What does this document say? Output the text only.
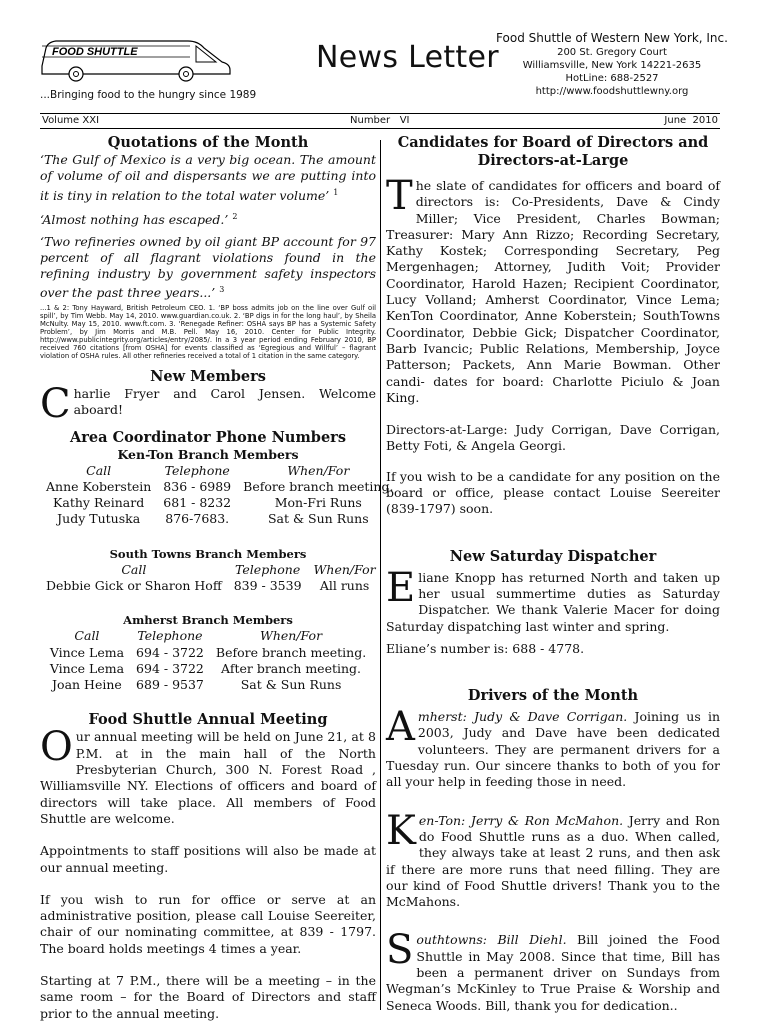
FOOD SHUTTLE
...Bringing food to the hungry since 1989
News Letter
Food Shuttle of Western New York, Inc.
200 St. Gregory Court
Williamsville, New York 14221-2635
HotLine: 688-2527
http://www.foodshuttlewny.org
Volume XXI	Number   VI	June  2010
Quotations of the Month

‘The Gulf of Mexico is a very big ocean. The amount of volume of oil and dispersants we are putting into it is tiny in relation to the total water volume’ $^1$

‘Almost nothing has escaped.’ $^2$

‘Two refineries owned by oil giant BP account for 97 percent of all flagrant violations found in the refining industry by government safety inspectors over the past three years...’ $^3$

...1 & 2: Tony Hayward, British Petroleum CEO. 1. ‘BP boss admits job on the line over Gulf oil spill’, by Tim Webb. May 14, 2010. www.guardian.co.uk. 2. ‘BP digs in for the long haul’, by Sheila McNulty. May 15, 2010. www.ft.com. 3. ‘Renegade Refiner: OSHA says BP has a Systemic Safety Problem’, by Jim Morris and M.B. Pell. May 16, 2010. Center for Public Integrity. http://www.publicintegrity.org/articles/entry/2085/. In a 3 year period ending February 2010, BP received 760 citations [from OSHA] for events classified as ‘Egregious and Willful’ – flagrant violation of OSHA rules. All other refineries received a total of 1 citation in the same category.

New Members

Charlie Fryer and Carol Jensen. Welcome aboard!

Area Coordinator Phone Numbers
Ken-Ton Branch Members
Call	Telephone	When/For
Anne Koberstein	836 - 6989	Before branch meeting.
Kathy Reinard	681 - 8232	Mon-Fri Runs
Judy Tutuska	876-7683.	Sat & Sun Runs
South Towns Branch Members
Call	Telephone	When/For
Debbie Gick or Sharon Hoff	839 - 3539	All runs
Amherst Branch Members
Call	Telephone	When/For
Vince Lema	694 - 3722	Before branch meeting.
Vince Lema	694 - 3722	After branch meeting.
Joan Heine	689 - 9537	Sat & Sun Runs
Food Shuttle Annual Meeting

Our annual meeting will be held on June 21, at 8 P.M. at in the main hall of the North Presbyterian Church, 300 N. Forest Road , Williamsville NY. Elections of officers and board of directors will take place. All members of Food Shuttle are welcome.

Appointments to staff positions will also be made at our annual meeting.

If you wish to run for office or serve at an administrative position, please call Louise Seereiter, chair of our nominating committee, at 839 - 1797. The board holds meetings 4 times a year.

Starting at 7 P.M., there will be a meeting – in the same room – for the Board of Directors and staff prior to the annual meeting.

Candidates for Board of Directors and Directors-at-Large

The slate of candidates for officers and board of directors is: Co-Presidents, Dave & Cindy Miller; Vice President, Charles Bowman; Treasurer: Mary Ann Rizzo; Recording Secretary, Kathy Kostek; Corresponding Secretary, Peg Mergenhagen; Attorney, Judith Voit; Provider Coordinator, Harold Hazen; Recipient Coordinator, Lucy Volland; Amherst Coordinator, Vince Lema; KenTon Coordinator, Anne Koberstein; SouthTowns Coordinator, Debbie Gick; Dispatcher Coordinator, Barb Ivancic; Public Relations, Membership, Joyce Patterson; Packets, Ann Marie Bowman. Other candi- dates for board: Charlotte Piciulo & Joan King.

Directors-at-Large: Judy Corrigan, Dave Corrigan, Betty Foti, & Angela Georgi.

If you wish to be a candidate for any position on the board or office, please contact Louise Seereiter (839-1797) soon.

New Saturday Dispatcher

Eliane Knopp has returned North and taken up her usual summertime duties as Saturday Dispatcher. We thank Valerie Macer for doing Saturday dispatching last winter and spring.

Eliane’s number is: 688 - 4778.

Drivers of the Month

Amherst: Judy & Dave Corrigan. Joining us in 2003, Judy and Dave have been dedicated volunteers. They are permanent drivers for a Tuesday run. Our sincere thanks to both of you for all your help in feeding those in need.

Ken-Ton: Jerry & Ron McMahon. Jerry and Ron do Food Shuttle runs as a duo. When called, they always take at least 2 runs, and then ask if there are more runs that need filling. They are our kind of Food Shuttle drivers! Thank you to the McMahons.

Southtowns: Bill Diehl. Bill joined the Food Shuttle in May 2008. Since that time, Bill has been a permanent driver on Sundays from Wegman’s McKinley to True Praise & Worship and Seneca Woods. Bill, thank you for dedication..
